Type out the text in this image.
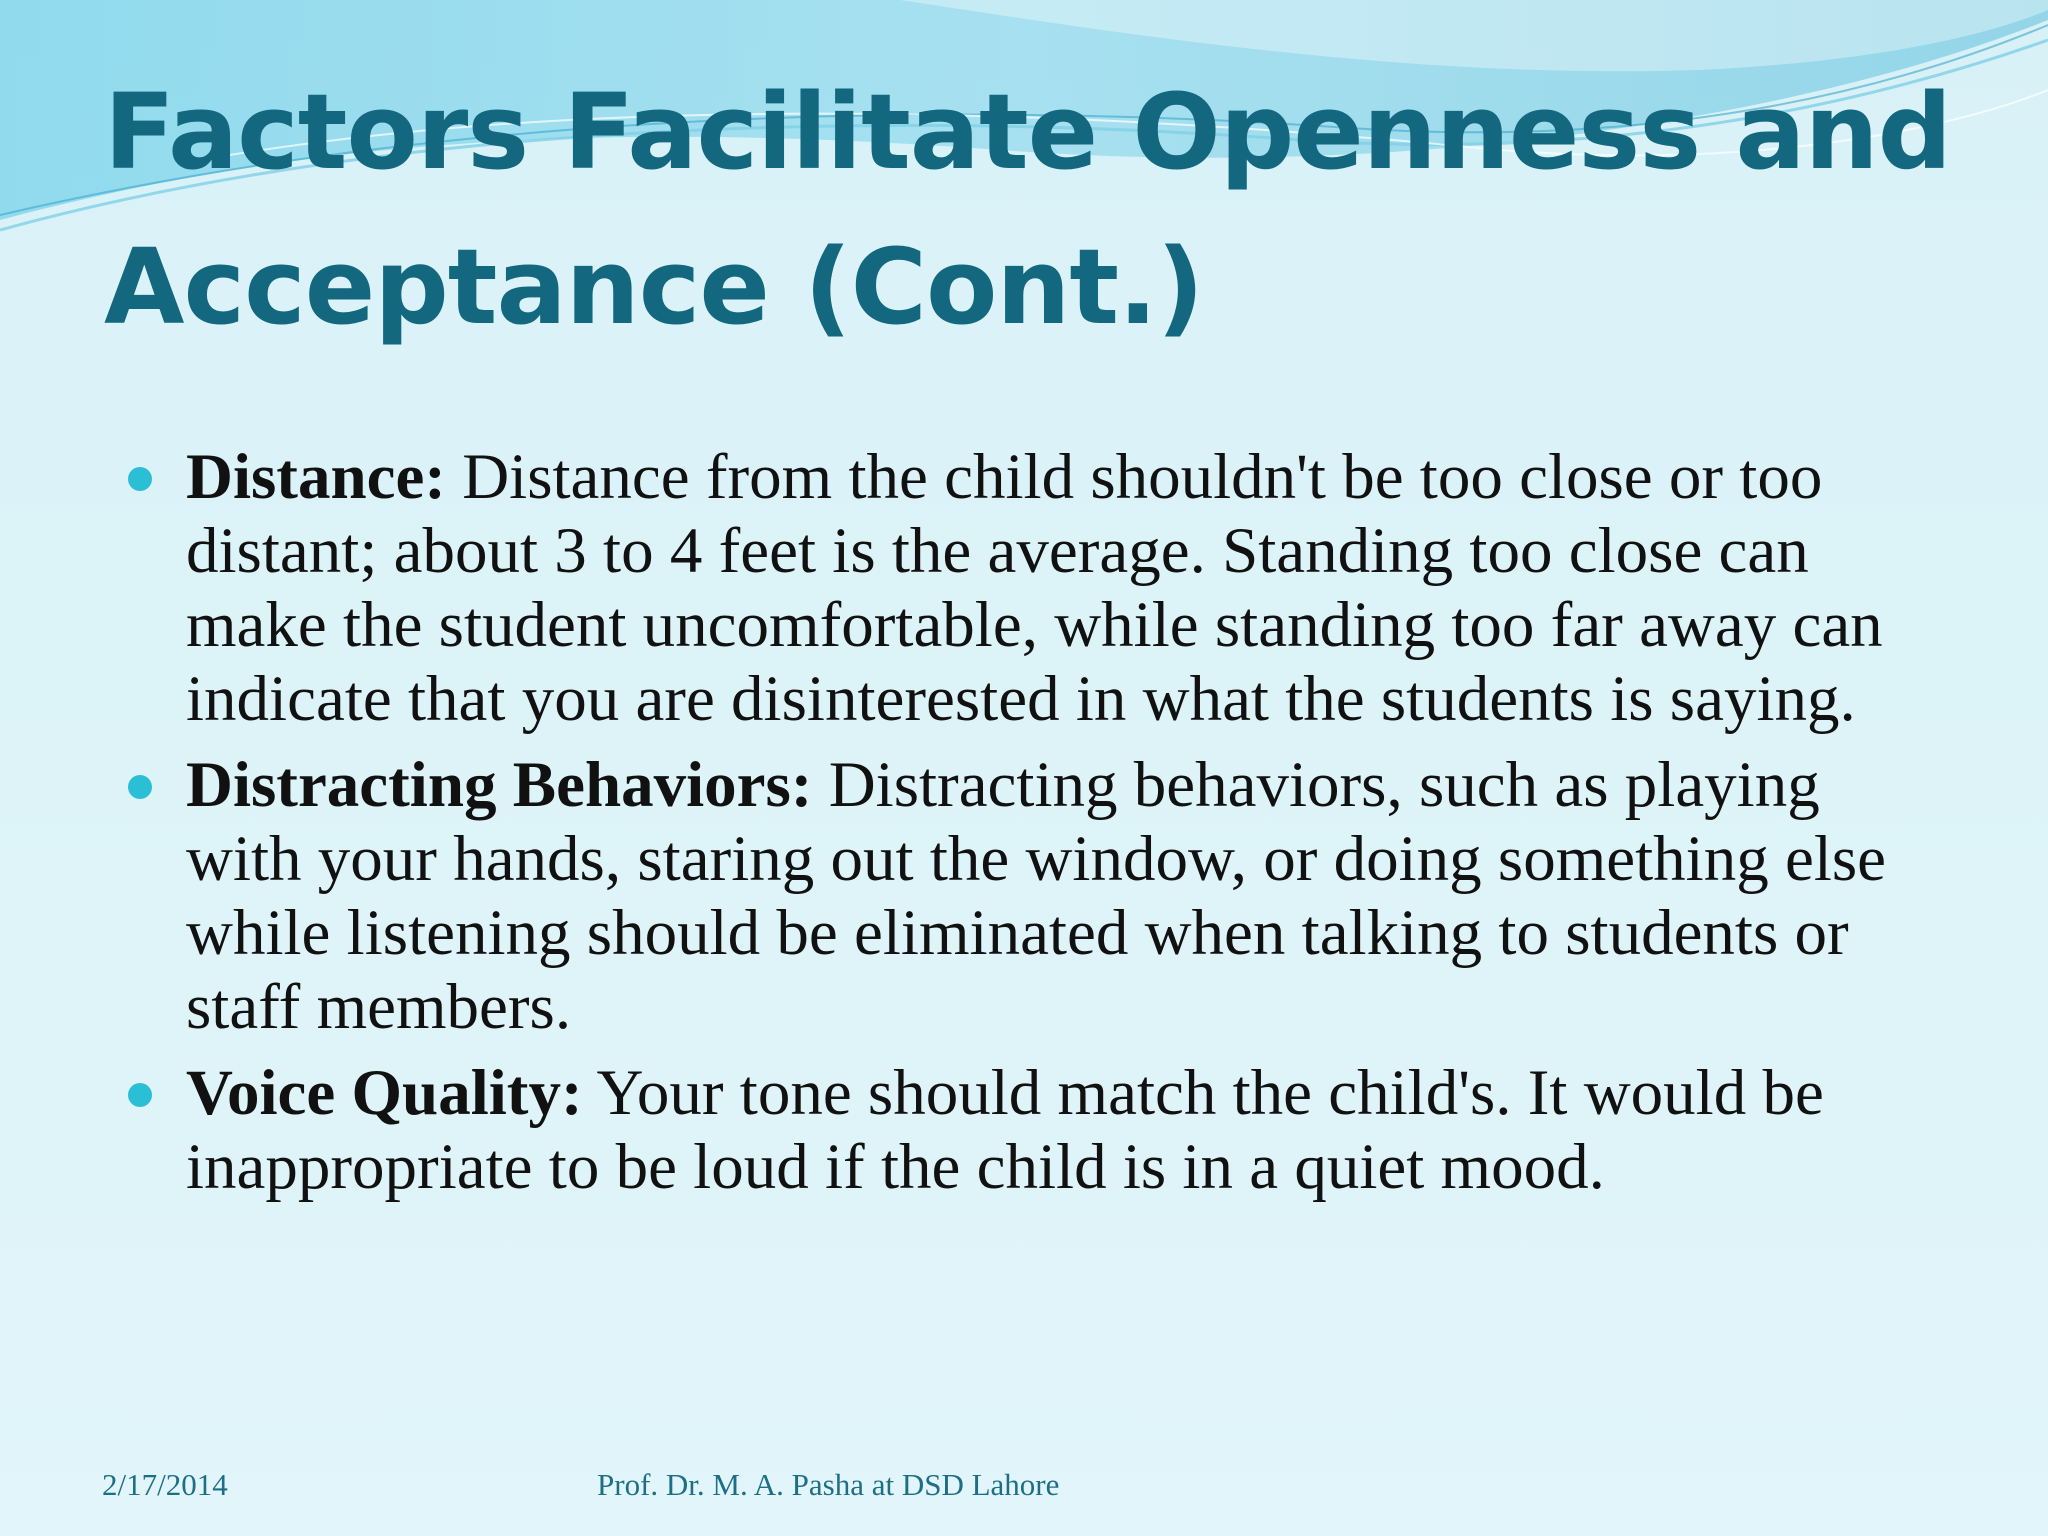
Factors Facilitate Openness and Acceptance (Cont.)
Distance: Distance from the child shouldn't be too close or too distant; about 3 to 4 feet is the average. Standing too close can make the student uncomfortable, while standing too far away can indicate that you are disinterested in what the students is saying.
Distracting Behaviors: Distracting behaviors, such as playing with your hands, staring out the window, or doing something else while listening should be eliminated when talking to students or staff members.
Voice Quality: Your tone should match the child's. It would be inappropriate to be loud if the child is in a quiet mood.
2/17/2014	Prof. Dr. M. A. Pasha at DSD Lahore
